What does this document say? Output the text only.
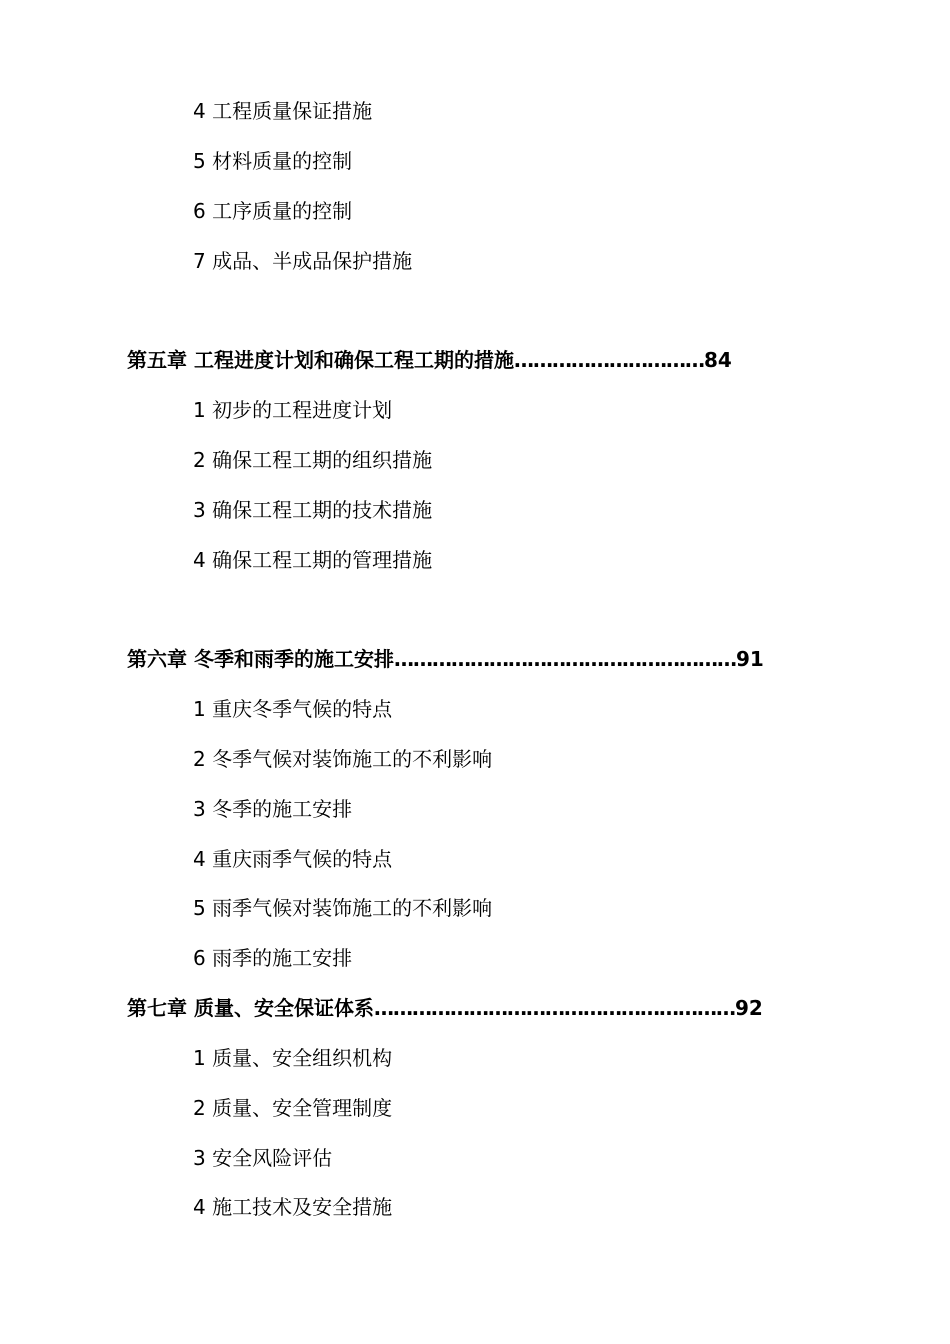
4 工程质量保证措施
5 材料质量的控制
6 工序质量的控制
7 成品、半成品保护措施
第五章 工程进度计划和确保工程工期的措施…………………………84
1 初步的工程进度计划
2 确保工程工期的组织措施
3 确保工程工期的技术措施
4 确保工程工期的管理措施
第六章 冬季和雨季的施工安排………………………………………………91
1 重庆冬季气候的特点
2 冬季气候对装饰施工的不利影响
3 冬季的施工安排
4 重庆雨季气候的特点
5 雨季气候对装饰施工的不利影响
6 雨季的施工安排
第七章 质量、安全保证体系…………………………………………………92
1 质量、安全组织机构
2 质量、安全管理制度
3 安全风险评估
4 施工技术及安全措施
